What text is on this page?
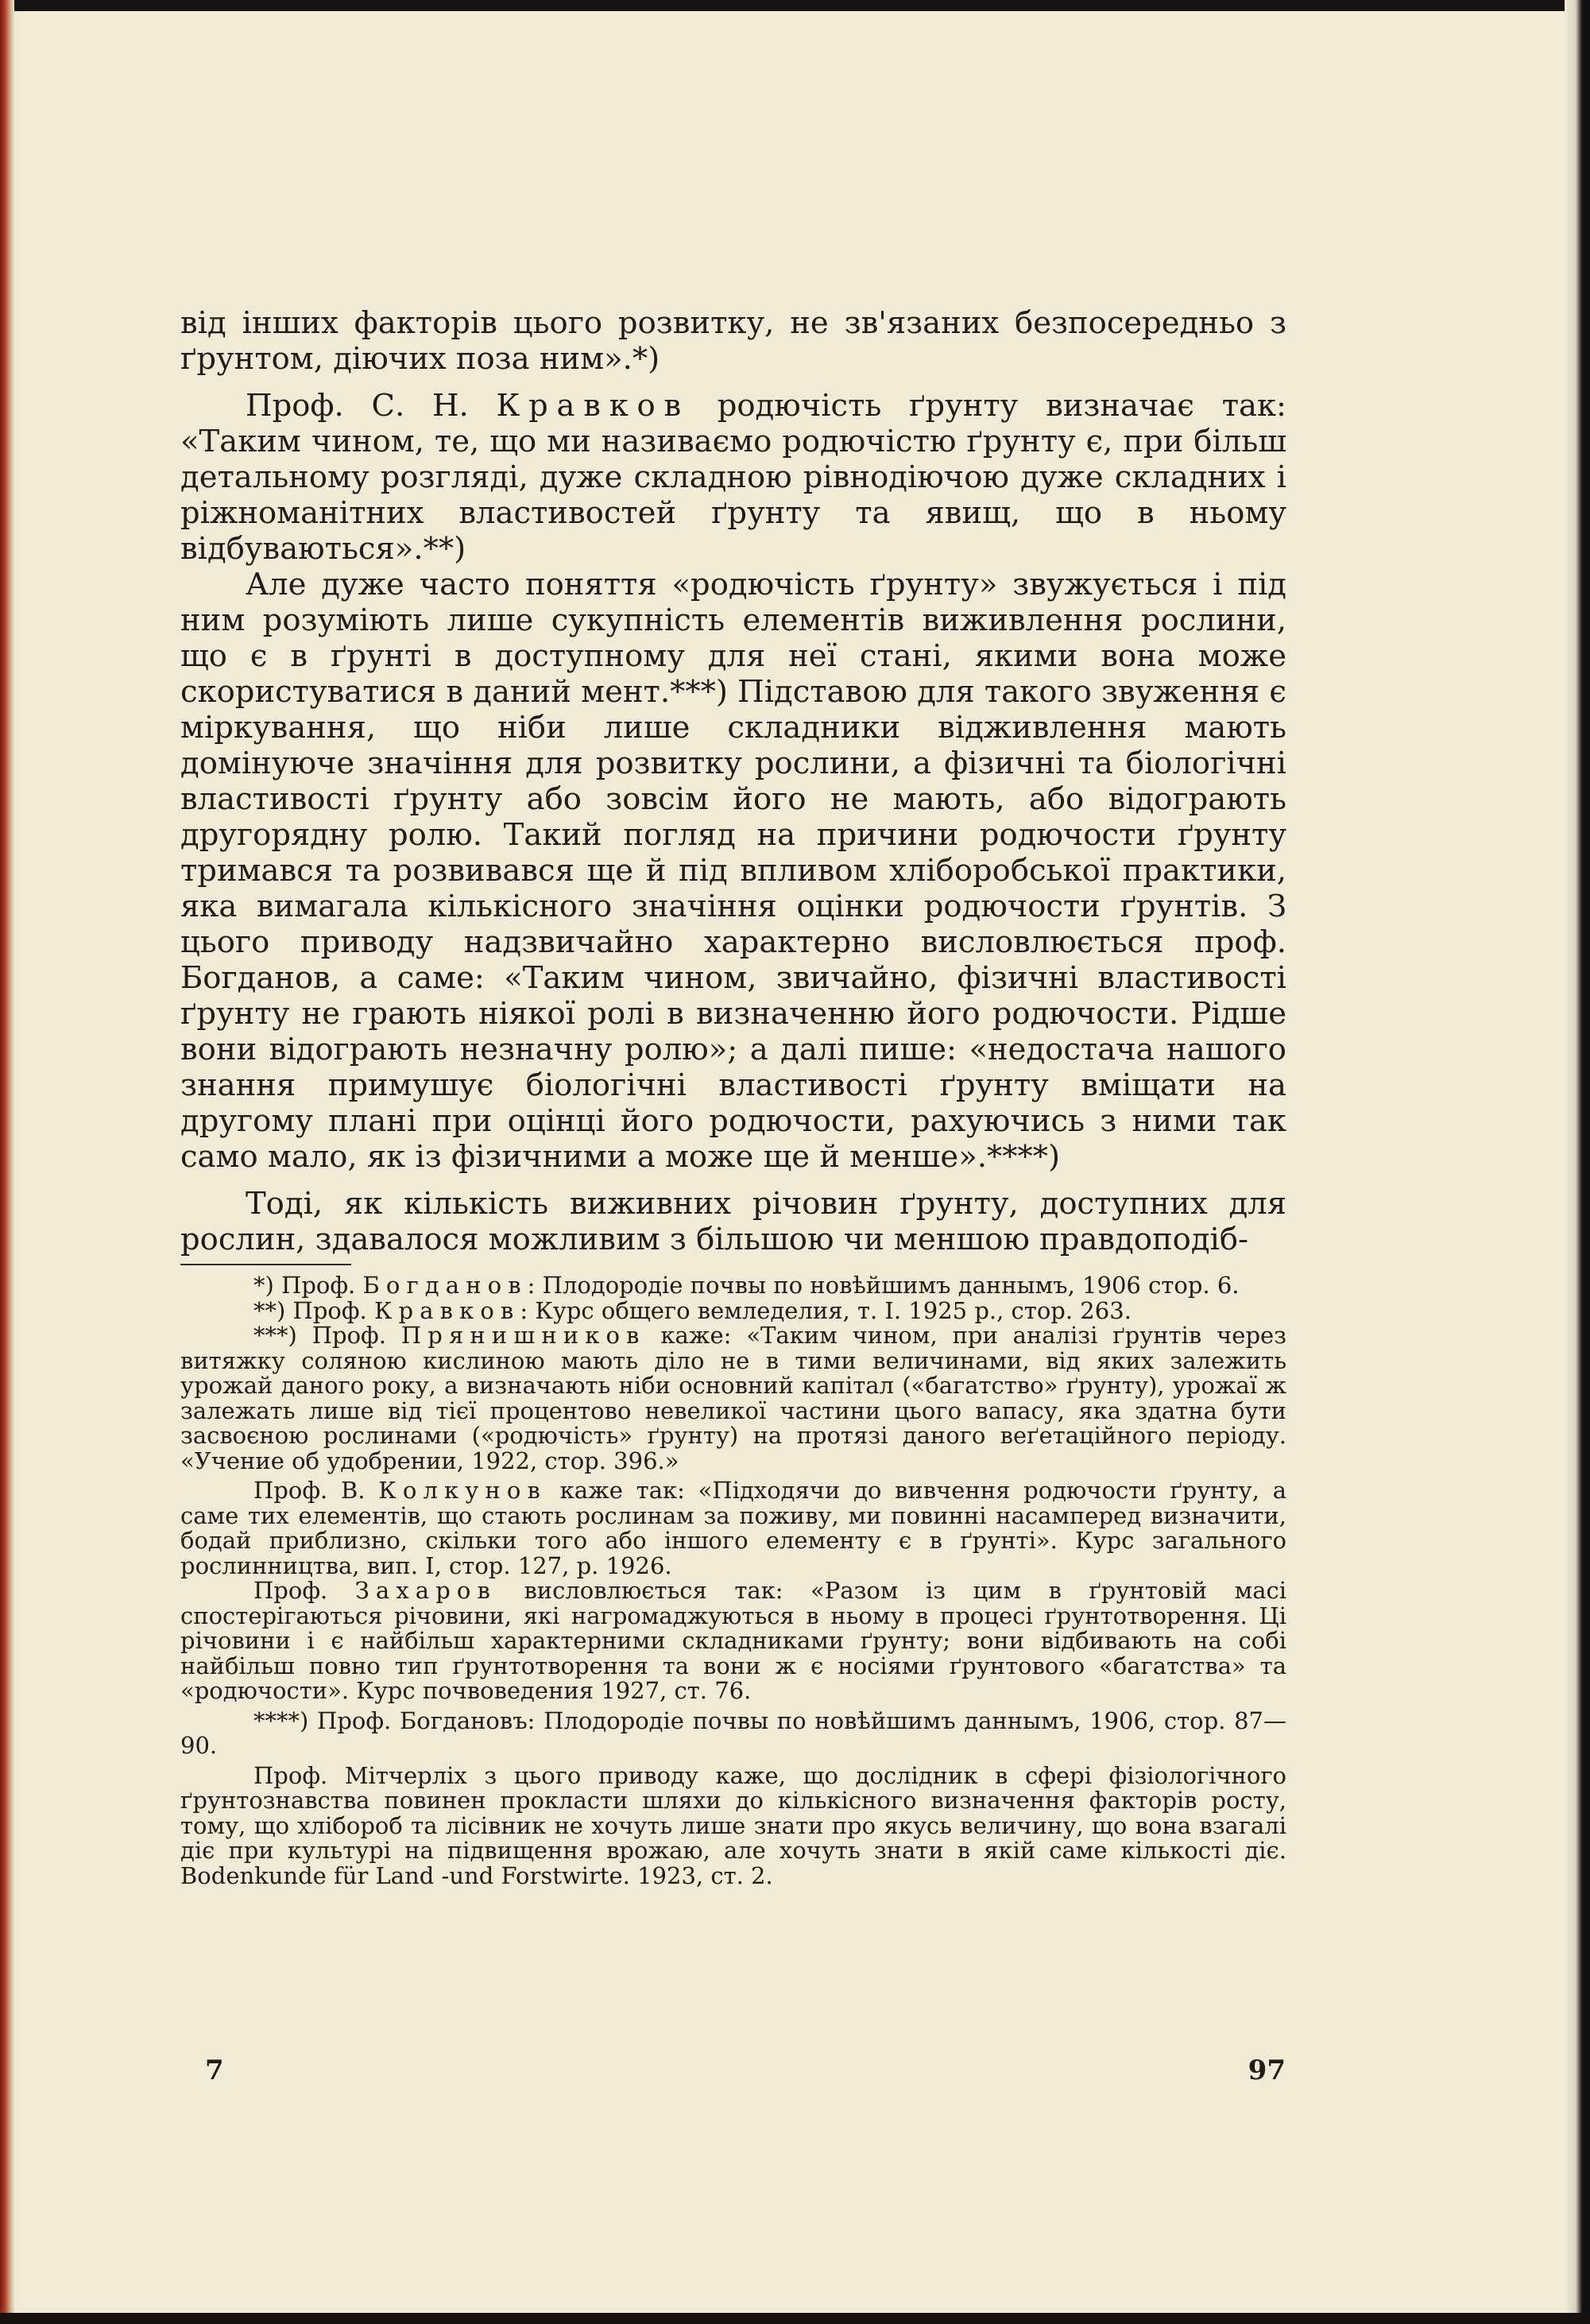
від інших факторів цього розвитку, не зв'язаних безпосередньо з ґрунтом, діючих поза ним».*)

Проф. С. Н. Кравков родючість ґрунту визначає так: «Таким чином, те, що ми називаємо родючістю ґрунту є, при більш детальному розгляді, дуже складною рівнодіючою дуже складних і ріжноманітних властивостей ґрунту та явищ, що в ньому відбуваються».**)

Але дуже часто поняття «родючість ґрунту» звужується і під ним розуміють лише сукупність елементів виживлення рослини, що є в ґрунті в доступному для неї стані, якими вона може скористуватися в даний мент.***) Підставою для такого звуження є міркування, що ніби лише складники відживлення мають домінуюче значіння для розвитку рослини, а фізичні та біологічні властивості ґрунту або зовсім його не мають, або відограють другорядну ролю. Такий погляд на причини родючости ґрунту тримався та розвивався ще й під впливом хліборобської практики, яка вимагала кількісного значіння оцінки родючости ґрунтів. З цього приводу надзвичайно характерно висловлюється проф. Богданов, а саме: «Таким чином, звичайно, фізичні властивості ґрунту не грають ніякої ролі в визначенню його родючости. Рідше вони відограють незначну ролю»; а далі пише: «недостача нашого знання примушує біологічні властивості ґрунту вміщати на другому плані при оцінці його родючости, рахуючись з ними так само мало, як із фізичними а може ще й менше».****)

Тоді, як кількість виживних річовин ґрунту, доступних для рослин, здавалося можливим з більшою чи меншою правдоподіб-

*) Проф. Богданов: Плодородіе почвы по новѣйшимъ даннымъ, 1906 стор. 6.

**) Проф. Кравков: Курс общего вемледелия, т. I. 1925 р., стор. 263.

***) Проф. Прянишников каже: «Таким чином, при аналізі ґрунтів через витяжку соляною кислиною мають діло не в тими величинами, від яких залежить урожай даного року, а визначають ніби основний капітал («багатство» ґрунту), урожаї ж залежать лише від тієї процентово невеликої частини цього вапасу, яка здатна бути засвоєною рослинами («родючість» ґрунту) на протязі даного веґетаційного періоду. «Учение об удобрении, 1922, стор. 396.»

Проф. В. Колкунов каже так: «Підходячи до вивчення родючости ґрунту, а саме тих елементів, що стають рослинам за поживу, ми повинні насамперед визначити, бодай приблизно, скільки того або іншого елементу є в ґрунті». Курс загального рослинництва, вип. I, стор. 127, р. 1926.

Проф. Захаров висловлюється так: «Разом із цим в ґрунтовій масі спостерігаються річовини, які нагромаджуються в ньому в процесі ґрунтотворення. Ці річовини і є найбільш характерними складниками ґрунту; вони відбивають на собі найбільш повно тип ґрунтотворення та вони ж є носіями ґрунтового «багатства» та «родючости». Курс почвоведения 1927, ст. 76.

****) Проф. Богдановъ: Плодородіе почвы по новѣйшимъ даннымъ, 1906, стор. 87—90.

Проф. Мітчерліх з цього приводу каже, що дослідник в сфері фізіологічного ґрунтознавства повинен прокласти шляхи до кількісного визначення факторів росту, тому, що хлібороб та лісівник не хочуть лише знати про якусь величину, що вона взагалі діє при культурі на підвищення врожаю, але хочуть знати в якій саме кількості діє. Bodenkunde für Land -und Forstwirte. 1923, ст. 2.

7	97
